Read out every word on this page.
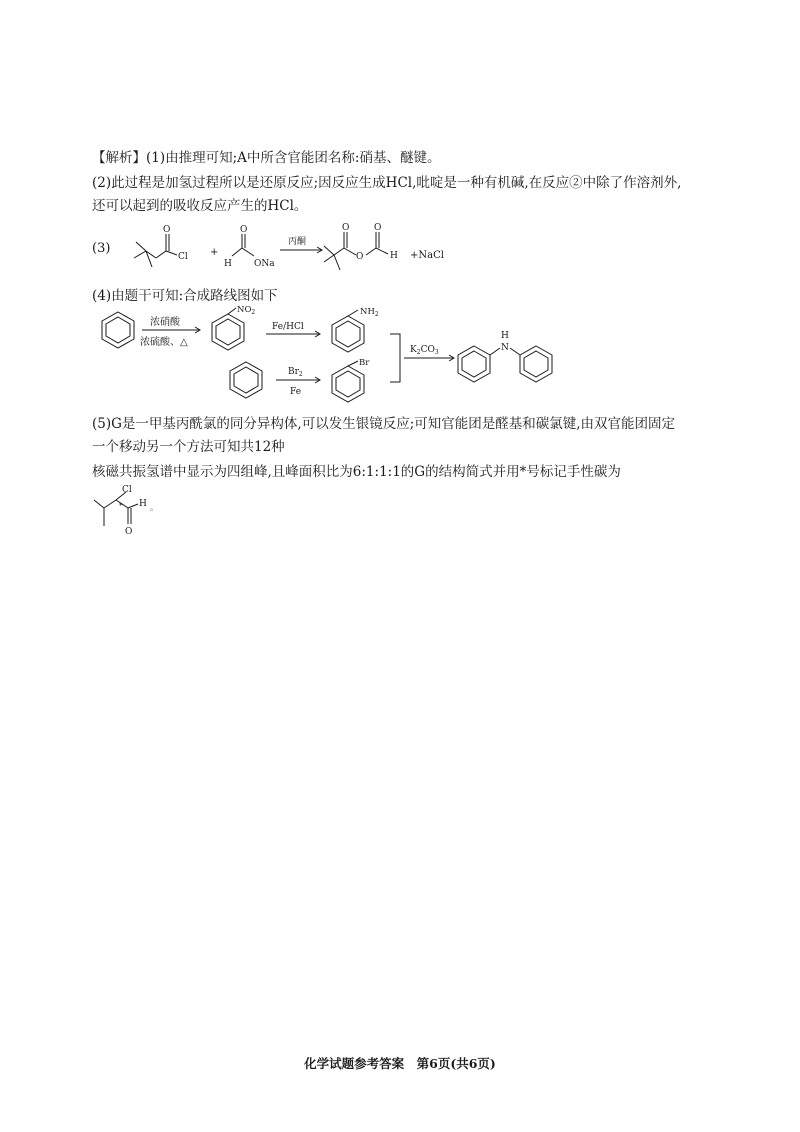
【解析】(1)由推理可知;A中所含官能团名称:硝基、醚键。
(2)此过程是加氢过程所以是还原反应;因反应生成HCl,吡啶是一种有机碱,在反应②中除了作溶剂外,
还可以起到的吸收反应产生的HCl。
(3)
O
Cl +
O
H ONa
丙酮
O
O
O
H +NaCl
(4)由题干可知:合成路线图如下
浓硝酸
浓硫酸、△
$NO_2$
Fe/HCl
$NH_2$
$K_2CO_3$	N
H
$Br_2$
Fe
Br
(5)G是一甲基丙酰氯的同分异构体,可以发生银镜反应;可知官能团是醛基和碳氯键,由双官能团固定
一个移动另一个方法可知共12种
核磁共振氢谱中显示为四组峰,且峰面积比为6:1:1:1的G的结构简式并用*号标记手性碳为
Cl
* H 。
O
化学试题参考答案　第6页(共6页)
